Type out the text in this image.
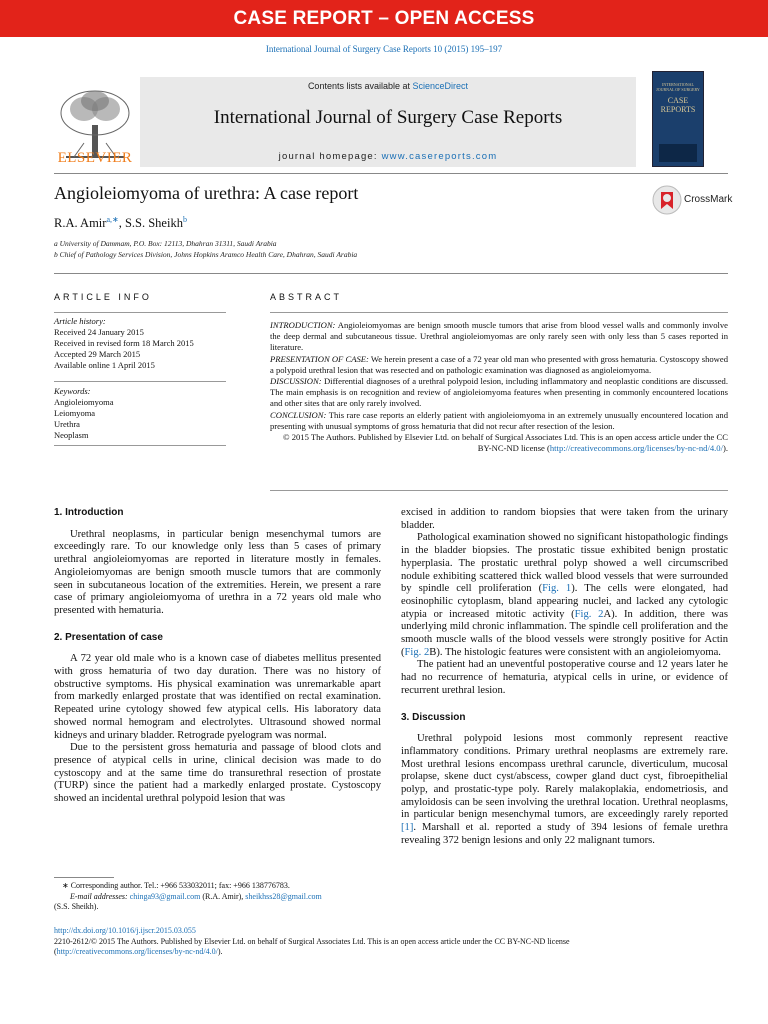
CASE REPORT – OPEN ACCESS
International Journal of Surgery Case Reports 10 (2015) 195–197
ELSEVIER
Contents lists available at ScienceDirect
International Journal of Surgery Case Reports
journal homepage: www.casereports.com
INTERNATIONAL JOURNAL OF SURGERY
CASE REPORTS
Angioleiomyoma of urethra: A case report	CrossMark
R.A. Amir$^{a,∗}$, S.S. Sheikh$^b$
a University of Dammam, P.O. Box: 12113, Dhahran 31311, Saudi Arabia
b Chief of Pathology Services Division, Johns Hopkins Aramco Health Care, Dhahran, Saudi Arabia
ARTICLE INFO	ABSTRACT
Article history:
Received 24 January 2015
Received in revised form 18 March 2015
Accepted 29 March 2015
Available online 1 April 2015
Keywords:
Angioleiomyoma
Leiomyoma
Urethra
Neoplasm

INTRODUCTION: Angioleiomyomas are benign smooth muscle tumors that arise from blood vessel walls and commonly involve the deep dermal and subcutaneous tissue. Urethral angioleiomyomas are only rarely seen with only less than 5 cases reported in literature.

PRESENTATION OF CASE: We herein present a case of a 72 year old man who presented with gross hematuria. Cystoscopy showed a polypoid urethral lesion that was resected and on pathologic examination was diagnosed as angioleiomyoma.

DISCUSSION: Differential diagnoses of a urethral polypoid lesion, including inflammatory and neoplastic conditions are discussed. The main emphasis is on recognition and review of angioleiomyoma features when presenting in commonly encountered locations and other sites that are only rarely involved.

CONCLUSION: This rare case reports an elderly patient with angioleiomyoma in an extremely unusually encountered location and presenting with unusual symptoms of gross hematuria that did not recur after resection of the lesion.

© 2015 The Authors. Published by Elsevier Ltd. on behalf of Surgical Associates Ltd. This is an open access article under the CC BY-NC-ND license (http://creativecommons.org/licenses/by-nc-nd/4.0/).

1. Introduction

Urethral neoplasms, in particular benign mesenchymal tumors are exceedingly rare. To our knowledge only less than 5 cases of primary urethral angioleiomyomas are reported in literature mostly in females. Angioleiomyomas are benign smooth muscle tumors that are commonly seen in subcutaneous location of the extremities. Herein, we present a rare case of primary angioleiomyoma of urethra in a 72 years old male who presented with hematuria.

2. Presentation of case

A 72 year old male who is a known case of diabetes mellitus presented with gross hematuria of two day duration. There was no history of obstructive symptoms. His physical examination was unremarkable apart from markedly enlarged prostate that was identified on rectal examination. Repeated urine cytology showed few atypical cells. His laboratory data showed normal hemogram and electrolytes. Ultrasound showed normal kidneys and urinary bladder. Retrograde pyelogram was normal.

Due to the persistent gross hematuria and passage of blood clots and presence of atypical cells in urine, clinical decision was made to do cystoscopy and at the same time do transurethral resection of prostate (TURP) since the patient had a markedly enlarged prostate. Cystoscopy showed an incidental urethral polypoid lesion that was

excised in addition to random biopsies that were taken from the urinary bladder.

Pathological examination showed no significant histopathologic findings in the bladder biopsies. The prostatic tissue exhibited benign prostatic hyperplasia. The prostatic urethral polyp showed a well circumscribed nodule exhibiting scattered thick walled blood vessels that were surrounded by spindle cell proliferation (Fig. 1). The cells were elongated, had eosinophilic cytoplasm, bland appearing nuclei, and lacked any cytologic atypia or increased mitotic activity (Fig. 2A). In addition, there was underlying mild chronic inflammation. The spindle cell proliferation and the smooth muscle walls of the blood vessels were strongly positive for Actin (Fig. 2B). The histologic features were consistent with an angioleiomyoma.

The patient had an uneventful postoperative course and 12 years later he had no recurrence of hematuria, atypical cells in urine, or evidence of recurrent urethral lesion.

3. Discussion

Urethral polypoid lesions most commonly represent reactive inflammatory conditions. Primary urethral neoplasms are extremely rare. Most urethral lesions encompass urethral caruncle, diverticulum, mucosal prolapse, skene duct cyst/abscess, cowper gland duct cyst, fibroepithelial polyp, and prostatic-type poly. Rarely malakoplakia, endometriosis, and amyloidosis can be seen involving the urethral location. Urethral neoplasms, in particular benign mesenchymal tumors, are exceedingly rarely reported [1]. Marshall et al. reported a study of 394 lesions of female urethra revealing 372 benign lesions and only 22 malignant tumors.

∗ Corresponding author. Tel.: +966 533032011; fax: +966 138776783.
E-mail addresses: chinga93@gmail.com (R.A. Amir), sheikhss28@gmail.com
(S.S. Sheikh).
http://dx.doi.org/10.1016/j.ijscr.2015.03.055
2210-2612/© 2015 The Authors. Published by Elsevier Ltd. on behalf of Surgical Associates Ltd. This is an open access article under the CC BY-NC-ND license
(http://creativecommons.org/licenses/by-nc-nd/4.0/).
